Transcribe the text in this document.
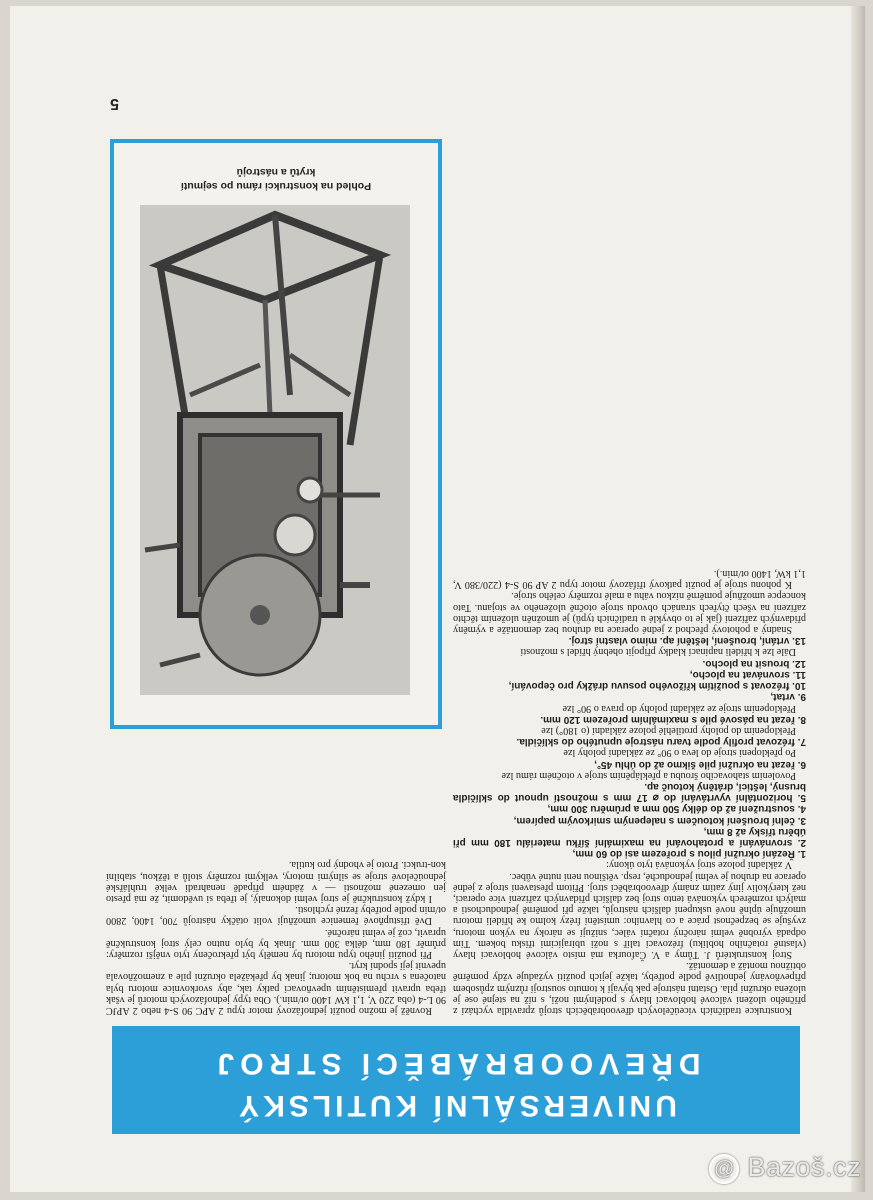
UNIVERSÁLNÍ KUTILSKÝ
DŘEVOOBRÁBĚCÍ STROJ

Konstrukce tradičních víceúčelových dřevoobráběcích strojů zpravidla vychází z příčného uložení válcové hoblovací hlavy s podélnými noži, s níž na stejné ose je uložena okružní pila. Ostatní nástroje pak bývají k tomuto soustrojí různým způsobem připevňovány jednotlivě podle potřeby, takže jejich použití vyžaduje vždy poměrně obtížnou montáž a demontáž.

Stroj konstruktérů J. Tůmy a V. Čafourka má místo válcové hoblovací hlavy (vlastně rotačního hoblíku) frézovací talíř s noži ubírajícími třísku bokem. Tím odpadá výrobně velmi náročný rotační válec, snižují se nároky na výkon motoru, zvyšuje se bezpečnost práce a co hlavního: umístění frézy kolmo ke hřídeli motoru umožňuje úplně nové uskupení dalších nástrojů, takže při poměrně jednoduchosti a malých rozměrech vykonává tento stroj bez dalších přídavných zařízení více operací, než kterýkoliv jiný zatím známý dřevoobráběcí stroj. Přitom přestavení stroje z jedné operace na druhou je velmi jednoduché, resp. většinou není nutné vůbec.

V základní poloze stroj vykonává tyto úkony:

1. Řezání okružní pilou s prořezem asi do 60 mm,
2. srovnávání a protahování na maximální šířku materiálu 180 mm při úběru třísky až 8 mm,
3. čelní broušení kotoučem s nalepeným smirkovým papírem,
4. soustružení až do délky 500 mm a průměru 300 mm,
5. horizontální vyvrtávání do ⌀ 17 mm s možností upnout do sklíčidla brusný, lešticí, drátěný kotouč ap.

Povolením stahovacího šroubu a překlápěním stroje v otočném rámu lze

6. řezat na okružní pile šikmo až do úhlu 45°,

Po překlopení stroje do leva o 90° ze základní polohy lze

7. frézovat profily podle tvaru nástroje upnutého do sklíčidla.

Překlopením do polohy protilehlé poloze základní (o 180°) lze

8. řezat na pásové pile s maximálním prořezem 120 mm.

Překlopením stroje ze základní polohy do prava o 90° lze

9. vrtat,
10. frézovat s použitím křížového posuvu drážky pro čepování,
11. srovnávat na plocho,
12. brousit na plocho.

Dále lze k hřídeli napínací kladky připojit ohebný hřídel s možností

13. vrtání, broušení, leštění ap. mimo vlastní stroj.

Snadný a pohotový přechod z jedné operace na druhou bez demontáže a výměny přídavných zařízení (jak je to obvyklé u tradičních typů) je umožněn uložením těchto zařízení na všech čtyřech stranách obvodu stroje otočně uloženého ve stojanu. Tato koncepce umožňuje poměrně nízkou váhu a malé rozměry celého stroje.

K pohonu stroje je použit patkový třífázový motor typu 2 AP 90 S-4 (220/380 V, 1,1 kW, 1400 ot/min.).

Rovněž je možno použít jednofázový motor typu 2 APC 90 S-4 nebo 2 APJC 90 L-4 (oba 220 V, 1,1 kW 1400 ot/min.). Oba typy jednofázových motorů je však třeba upravit přemístěním upevňovací patky tak, aby svorkovnice motoru byla natočena s vrchu na bok motoru; jinak by překážela okružní pile a znemožňovala upevnit její spodní kryt.

Při použití jiného typu motoru by neměly být překročeny tyto vnější rozměry: průměr 180 mm, délka 300 mm. Jinak by bylo nutno celý stroj konstrukčně upravit, což je velmi náročné.

Dvě třístupňové řemenice umožňují volit otáčky nástrojů 700, 1400, 2800 ot/min podle potřeby řezné rychlosti.

I když konstrukčně je stroj velmi dokonalý, je třeba si uvědomit, že má přesto jen omezené možnosti — v žádném případě nenahradí velké truhlářské jednoúčelové stroje se silnými motory, velkými rozměry stolů a těžkou, stabilní kon-trukcí. Proto je vhodný pro kutila.

Pohled na konstrukci rámu po sejmutí
krytů a nástrojů
5
@ Bazoš.cz
